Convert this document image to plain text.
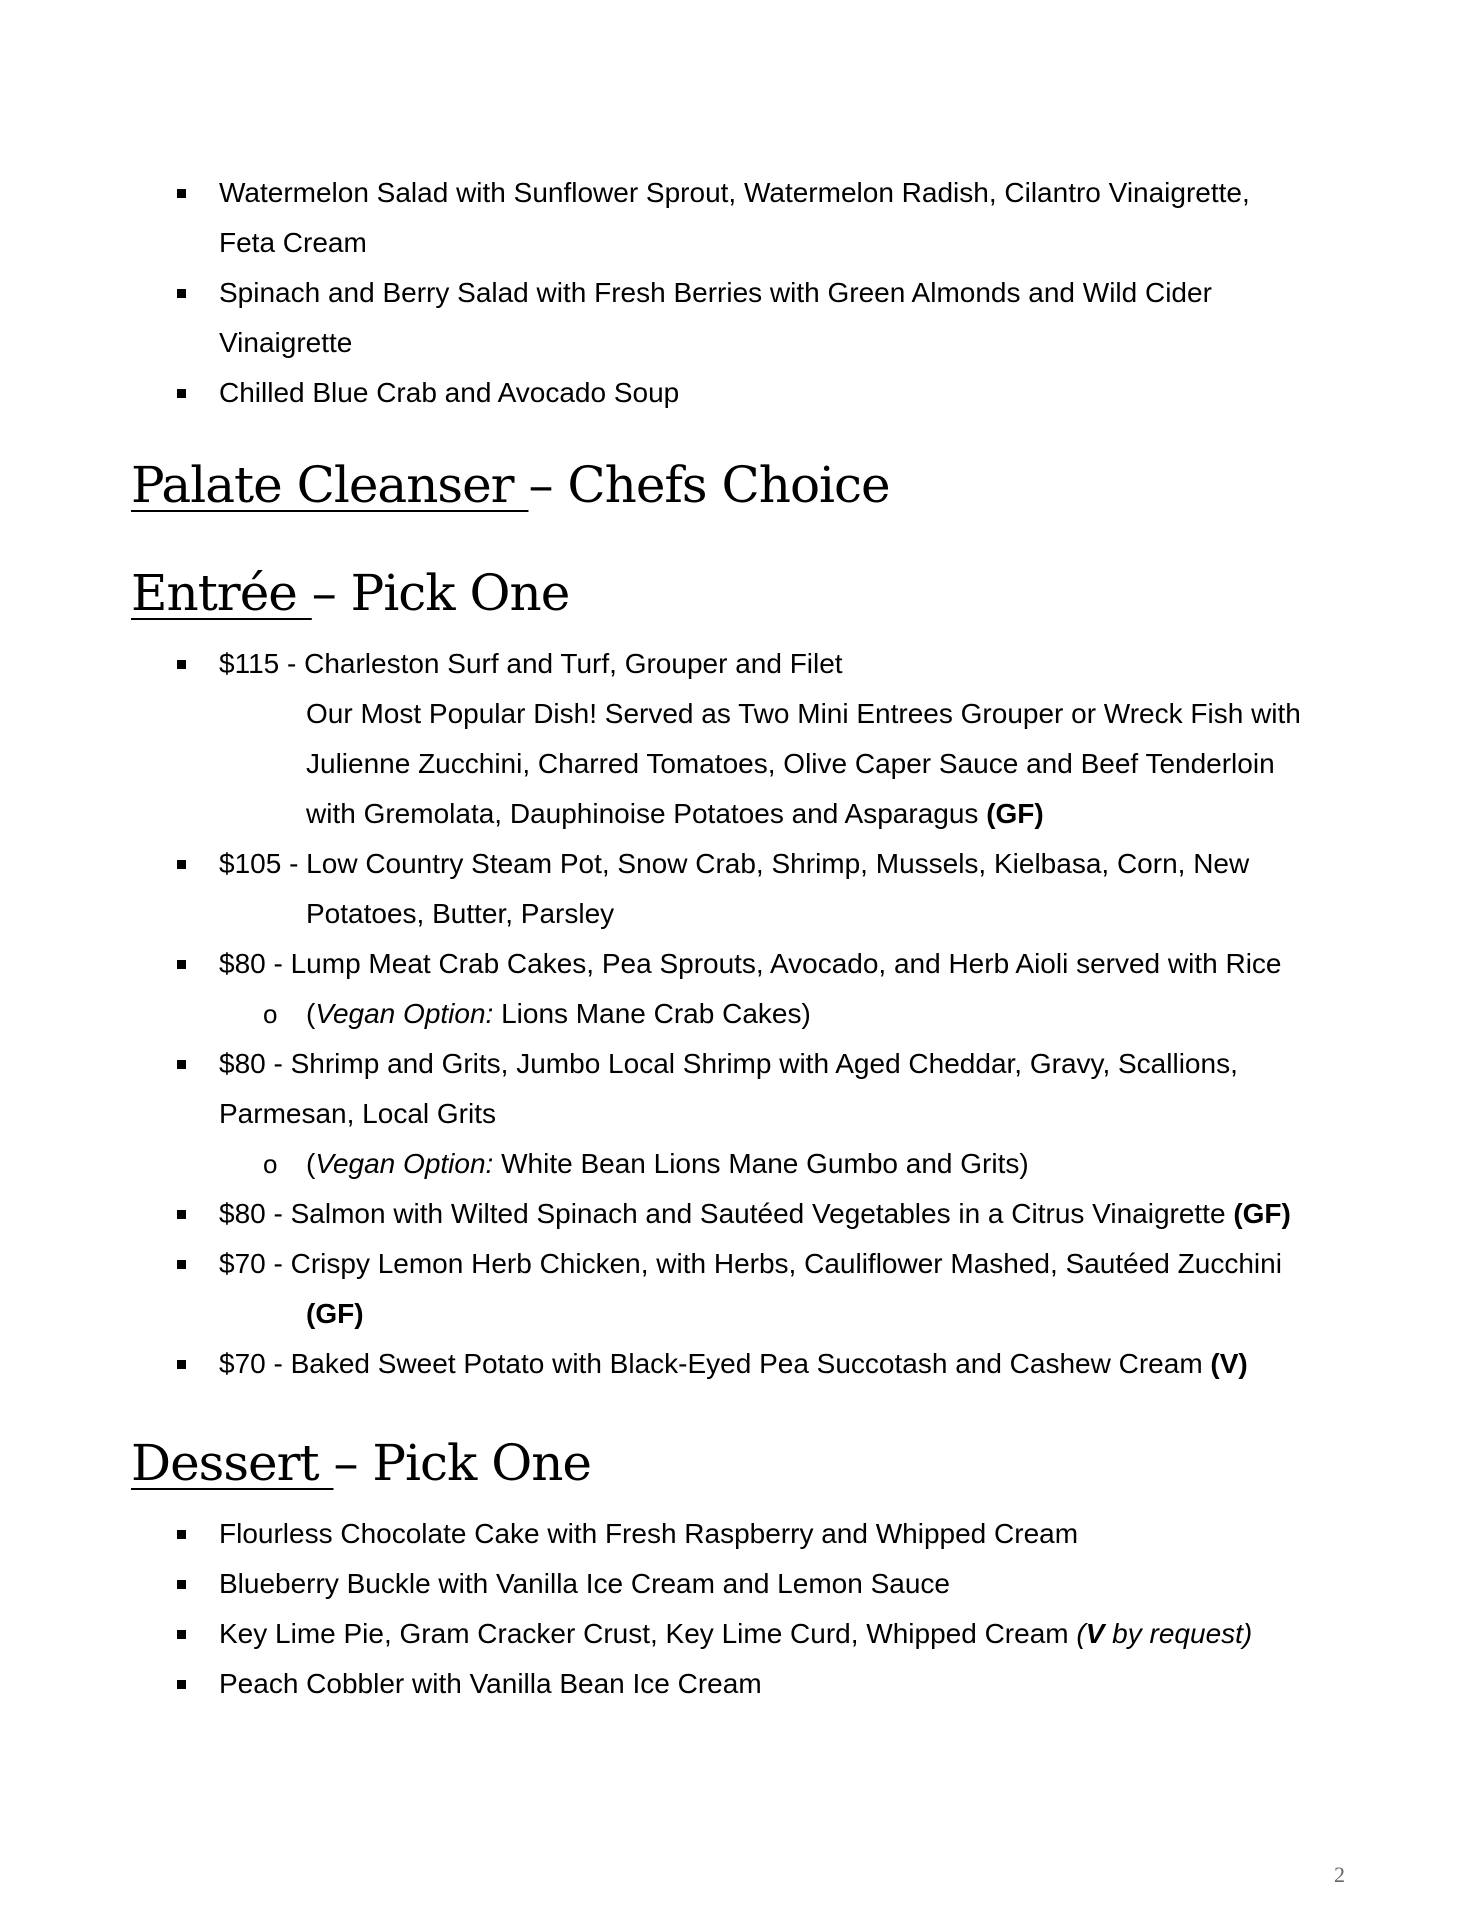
Watermelon Salad with Sunflower Sprout, Watermelon Radish, Cilantro Vinaigrette,
Feta Cream
Spinach and Berry Salad with Fresh Berries with Green Almonds and Wild Cider
Vinaigrette
Chilled Blue Crab and Avocado Soup
Palate Cleanser – Chefs Choice
Entrée – Pick One
$115 - Charleston Surf and Turf, Grouper and Filet
Our Most Popular Dish! Served as Two Mini Entrees Grouper or Wreck Fish with
Julienne Zucchini, Charred Tomatoes, Olive Caper Sauce and Beef Tenderloin
with Gremolata, Dauphinoise Potatoes and Asparagus (GF)
$105 - Low Country Steam Pot, Snow Crab, Shrimp, Mussels, Kielbasa, Corn, New
Potatoes, Butter, Parsley
$80 - Lump Meat Crab Cakes, Pea Sprouts, Avocado, and Herb Aioli served with Rice
o (Vegan Option: Lions Mane Crab Cakes)
$80 - Shrimp and Grits, Jumbo Local Shrimp with Aged Cheddar, Gravy, Scallions,
Parmesan, Local Grits
o (Vegan Option: White Bean Lions Mane Gumbo and Grits)
$80 - Salmon with Wilted Spinach and Sautéed Vegetables in a Citrus Vinaigrette (GF)
$70 - Crispy Lemon Herb Chicken, with Herbs, Cauliflower Mashed, Sautéed Zucchini
(GF)
$70 - Baked Sweet Potato with Black-Eyed Pea Succotash and Cashew Cream (V)
Dessert – Pick One
Flourless Chocolate Cake with Fresh Raspberry and Whipped Cream
Blueberry Buckle with Vanilla Ice Cream and Lemon Sauce
Key Lime Pie, Gram Cracker Crust, Key Lime Curd, Whipped Cream (V by request)
Peach Cobbler with Vanilla Bean Ice Cream
2
